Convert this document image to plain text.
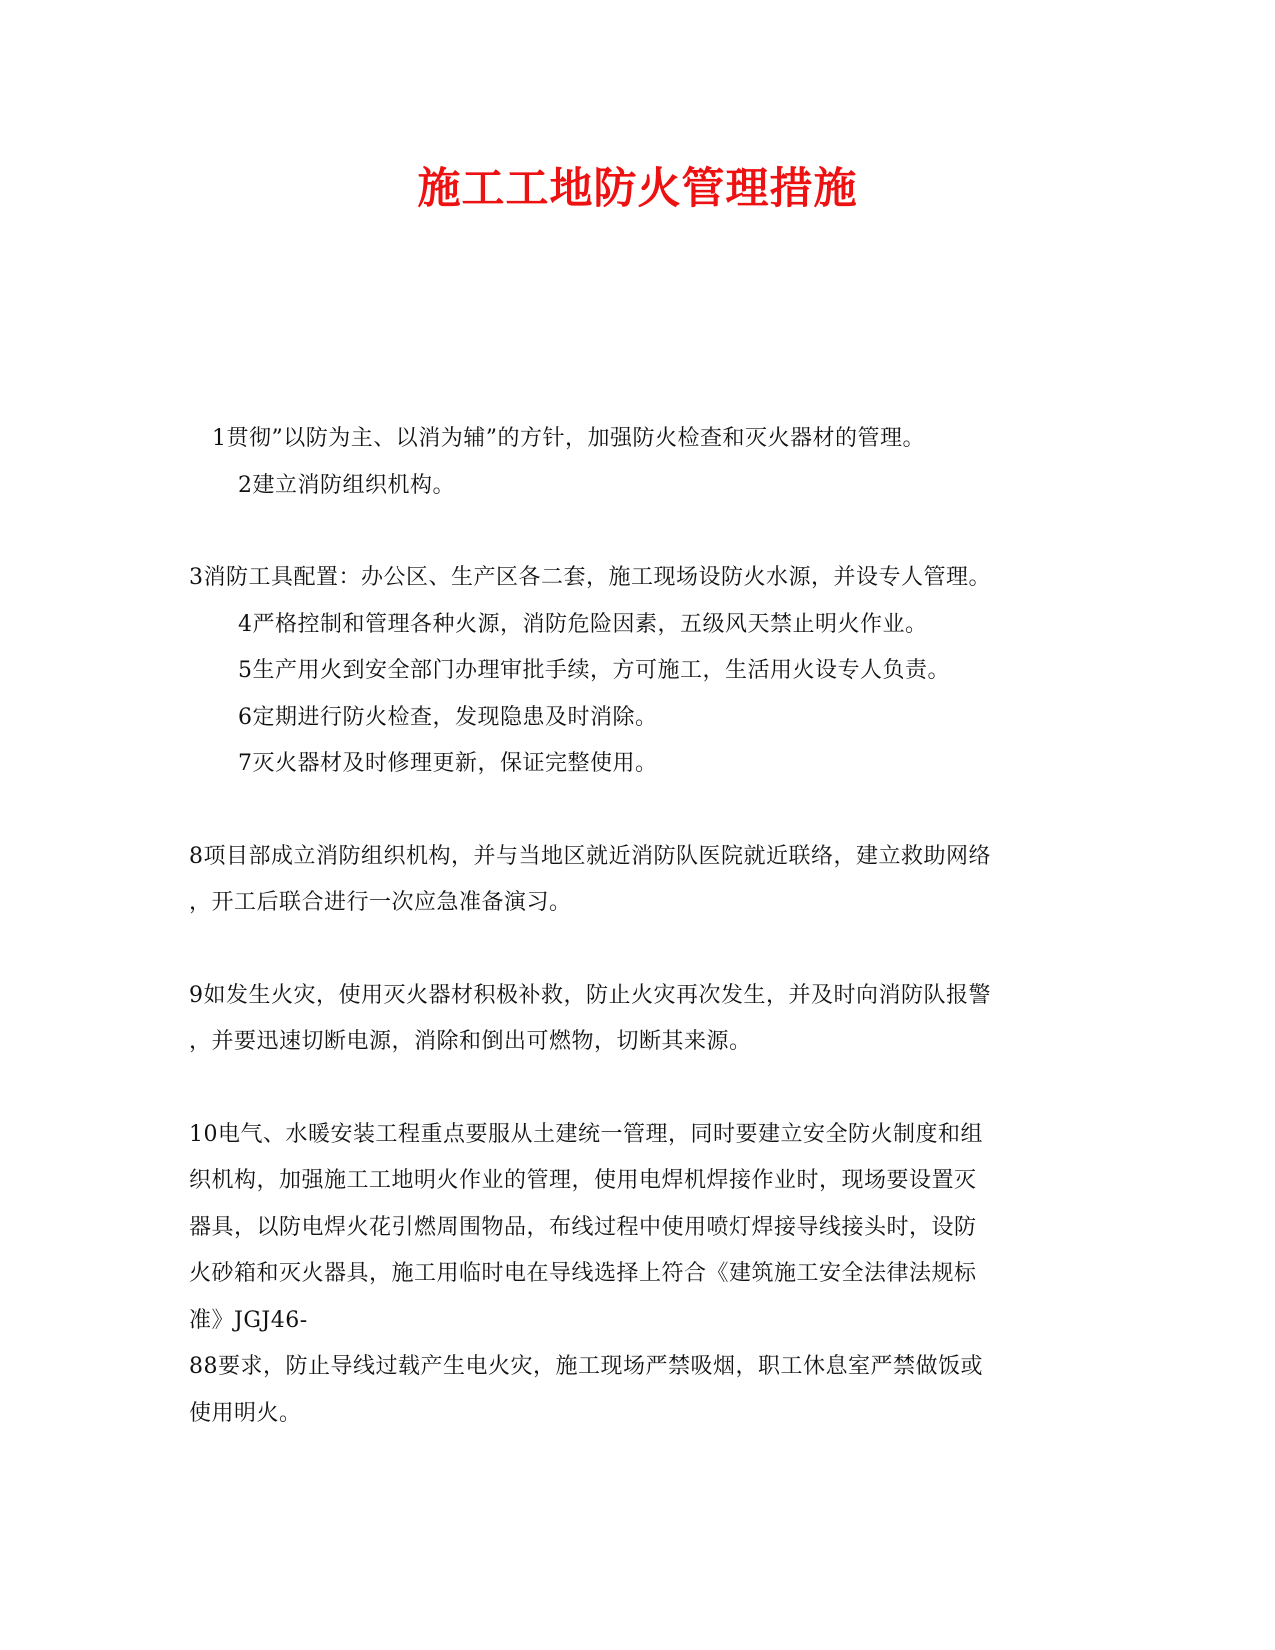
施工工地防火管理措施
1贯彻”以防为主、以消为辅”的方针，加强防火检查和灭火器材的管理。
2建立消防组织机构。
3消防工具配置：办公区、生产区各二套，施工现场设防火水源，并设专人管理。
4严格控制和管理各种火源，消防危险因素，五级风天禁止明火作业。
5生产用火到安全部门办理审批手续，方可施工，生活用火设专人负责。
6定期进行防火检查，发现隐患及时消除。
7灭火器材及时修理更新，保证完整使用。
8项目部成立消防组织机构，并与当地区就近消防队医院就近联络，建立救助网络
，开工后联合进行一次应急准备演习。
9如发生火灾，使用灭火器材积极补救，防止火灾再次发生，并及时向消防队报警
，并要迅速切断电源，消除和倒出可燃物，切断其来源。
10电气、水暖安装工程重点要服从土建统一管理，同时要建立安全防火制度和组
织机构，加强施工工地明火作业的管理，使用电焊机焊接作业时，现场要设置灭
器具，以防电焊火花引燃周围物品，布线过程中使用喷灯焊接导线接头时，设防
火砂箱和灭火器具，施工用临时电在导线选择上符合《建筑施工安全法律法规标
准》JGJ46-
88要求，防止导线过载产生电火灾，施工现场严禁吸烟，职工休息室严禁做饭或
使用明火。
